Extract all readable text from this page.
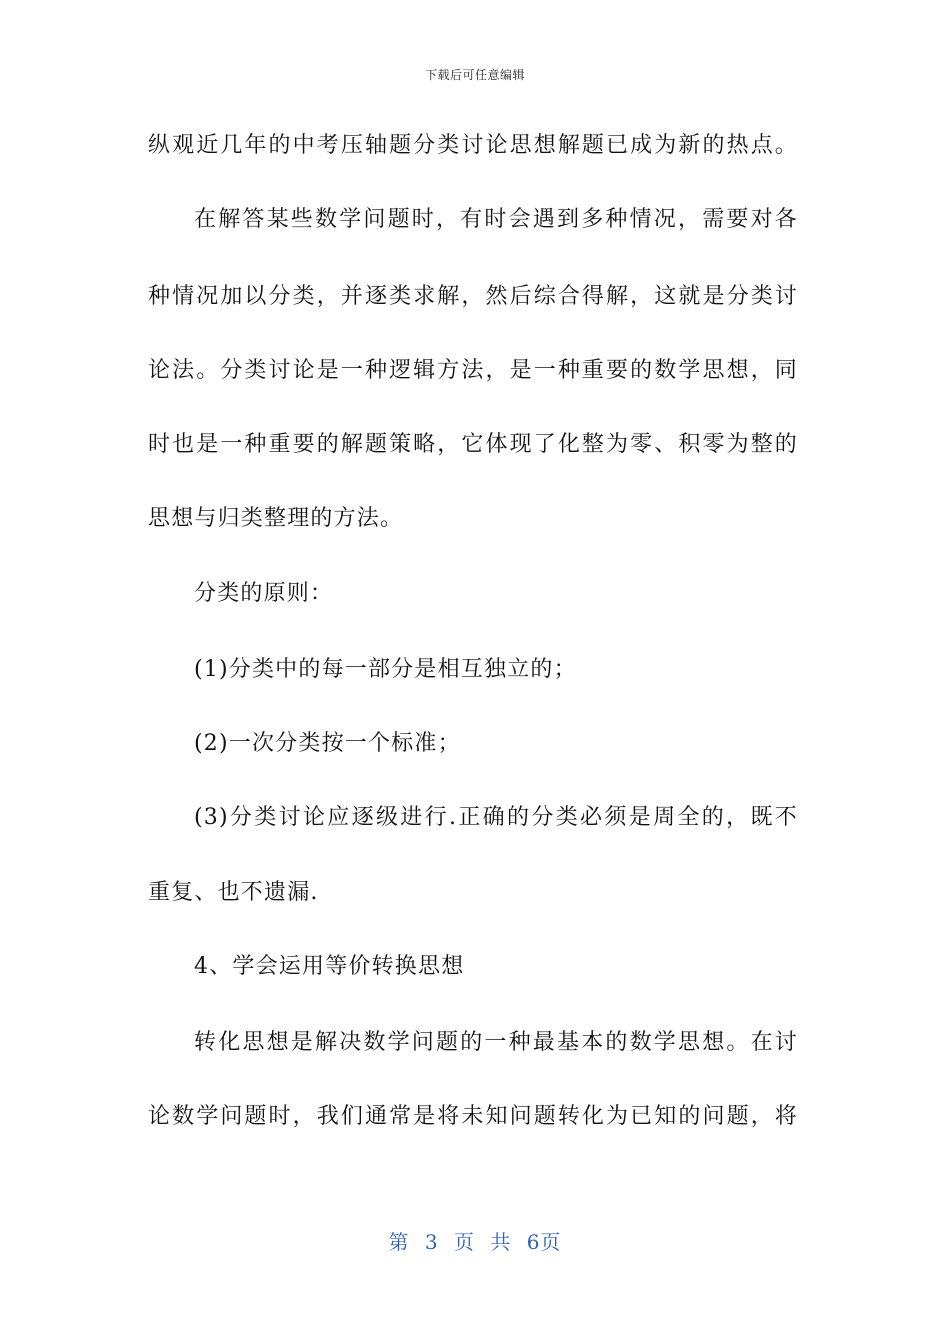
下载后可任意编辑
纵观近几年的中考压轴题分类讨论思想解题已成为新的热点。
在解答某些数学问题时，有时会遇到多种情况，需要对各
种情况加以分类，并逐类求解，然后综合得解，这就是分类讨
论法。分类讨论是一种逻辑方法，是一种重要的数学思想，同
时也是一种重要的解题策略，它体现了化整为零、积零为整的
思想与归类整理的方法。
分类的原则：
(1)分类中的每一部分是相互独立的；
(2)一次分类按一个标准；
(3)分类讨论应逐级进行.正确的分类必须是周全的，既不
重复、也不遗漏.
4、学会运用等价转换思想
转化思想是解决数学问题的一种最基本的数学思想。在讨
论数学问题时，我们通常是将未知问题转化为已知的问题，将
第 3 页 共 6页
